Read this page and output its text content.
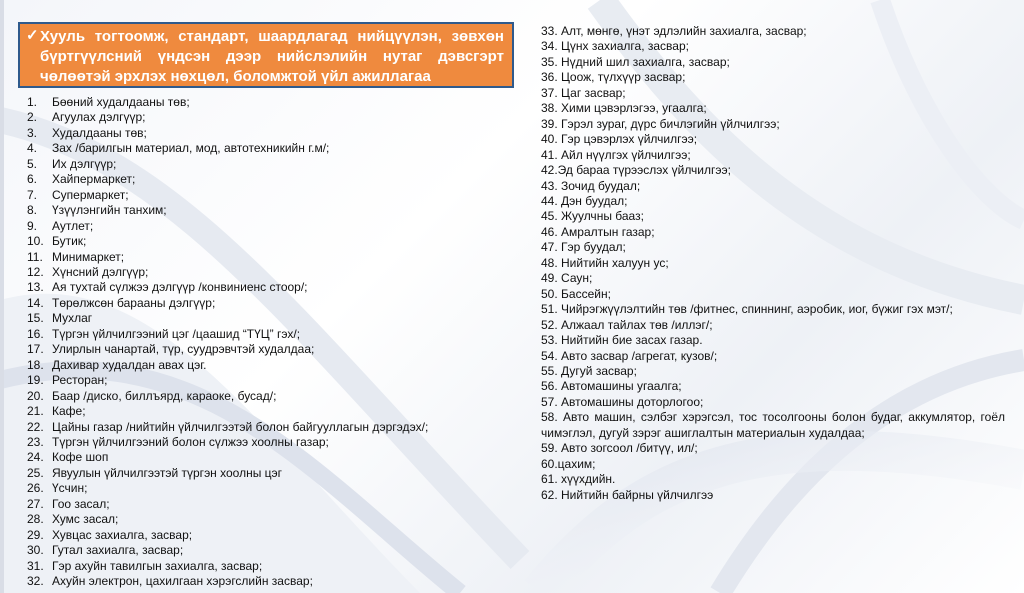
✓ Хууль тогтоомж, стандарт, шаардлагад нийцүүлэн, зөвхөн бүртгүүлсний үндсэн дээр нийслэлийн нутаг дэвсгэрт чөлөөтэй эрхлэх нөхцөл, боломжтой үйл ажиллагаа
1. Бөөний худалдааны төв;
2. Агуулах дэлгүүр;
3. Худалдааны төв;
4. Зах /барилгын материал, мод, автотехникийн г.м/;
5. Их дэлгүүр;
6. Хайпермаркет;
7. Супермаркет;
8. Үзүүлэнгийн танхим;
9. Аутлет;
10. Бутик;
11. Минимаркет;
12. Хүнсний дэлгүүр;
13. Ая тухтай сүлжээ дэлгүүр /конвиниенс стоор/;
14. Төрөлжсөн барааны дэлгүүр;
15. Мухлаг
16. Түргэн үйлчилгээний цэг /цаашид “ТҮЦ” гэх/;
17. Улирлын чанартай, түр, суудрэвчтэй худалдаа;
18. Дахивар худалдан авах цэг.
19. Ресторан;
20. Баар /диско, биллъярд, караоке, бусад/;
21. Кафе;
22. Цайны газар /нийтийн үйлчилгээтэй болон байгууллагын дэргэдэх/;
23. Түргэн үйлчилгээний болон сүлжээ хоолны газар;
24. Кофе шоп
25. Явуулын үйлчилгээтэй түргэн хоолны цэг
26. Үсчин;
27. Гоо засал;
28. Хумс засал;
29. Хувцас захиалга, засвар;
30. Гутал захиалга, засвар;
31. Гэр ахуйн тавилгын захиалга, засвар;
32. Ахуйн электрон, цахилгаан хэрэгслийн засвар;
33. Алт, мөнгө, үнэт эдлэлийн захиалга, засвар;
34. Цүнх захиалга, засвар;
35. Нүдний шил захиалга, засвар;
36. Цоож, түлхүүр засвар;
37. Цаг засвар;
38. Хими цэвэрлэгээ, угаалга;
39. Гэрэл зураг, дүрс бичлэгийн үйлчилгээ;
40. Гэр цэвэрлэх үйлчилгээ;
41. Айл нүүлгэх үйлчилгээ;
42.Эд бараа түрээслэх үйлчилгээ;
43. Зочид буудал;
44. Дэн буудал;
45. Жуулчны бааз;
46. Амралтын газар;
47. Гэр буудал;
48. Нийтийн халуун ус;
49. Саун;
50. Бассейн;
51. Чийрэгжүүлэлтийн төв /фитнес, спиннинг, аэробик, иог, бүжиг гэх мэт/;
52. Алжаал тайлах төв /иллэг/;
53. Нийтийн бие засах газар.
54. Авто засвар /агрегат, кузов/;
55. Дугуй засвар;
56. Автомашины угаалга;
57. Автомашины доторлогоо;
58. Авто машин, сэлбэг хэрэгсэл, тос тосолгооны болон будаг, аккумлятор, гоёл чимэглэл, дугуй зэрэг ашиглалтын материалын худалдаа;
59. Авто зогсоол /битүү, ил/;
60.цахим;
61. хүүхдийн.
62. Нийтийн байрны үйлчилгээ
